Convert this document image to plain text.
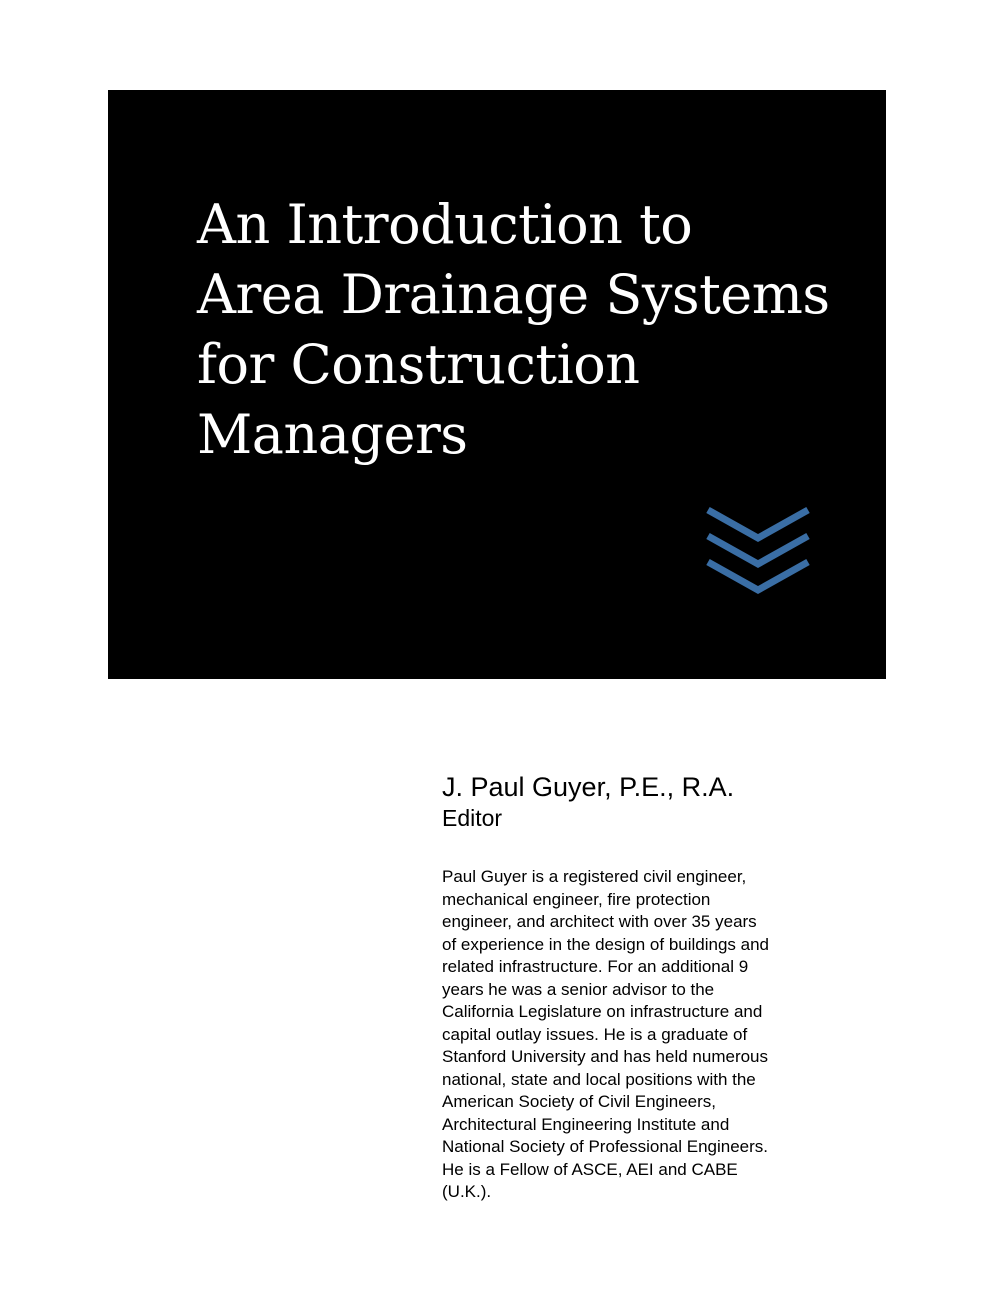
An Introduction to
Area Drainage Systems
for Construction
Managers
J. Paul Guyer, P.E., R.A.
Editor
Paul Guyer is a registered civil engineer,
mechanical engineer, fire protection
engineer, and architect with over 35 years
of experience in the design of buildings and
related infrastructure. For an additional 9
years he was a senior advisor to the
California Legislature on infrastructure and
capital outlay issues. He is a graduate of
Stanford University and has held numerous
national, state and local positions with the
American Society of Civil Engineers,
Architectural Engineering Institute and
National Society of Professional Engineers.
He is a Fellow of ASCE, AEI and CABE
(U.K.).
